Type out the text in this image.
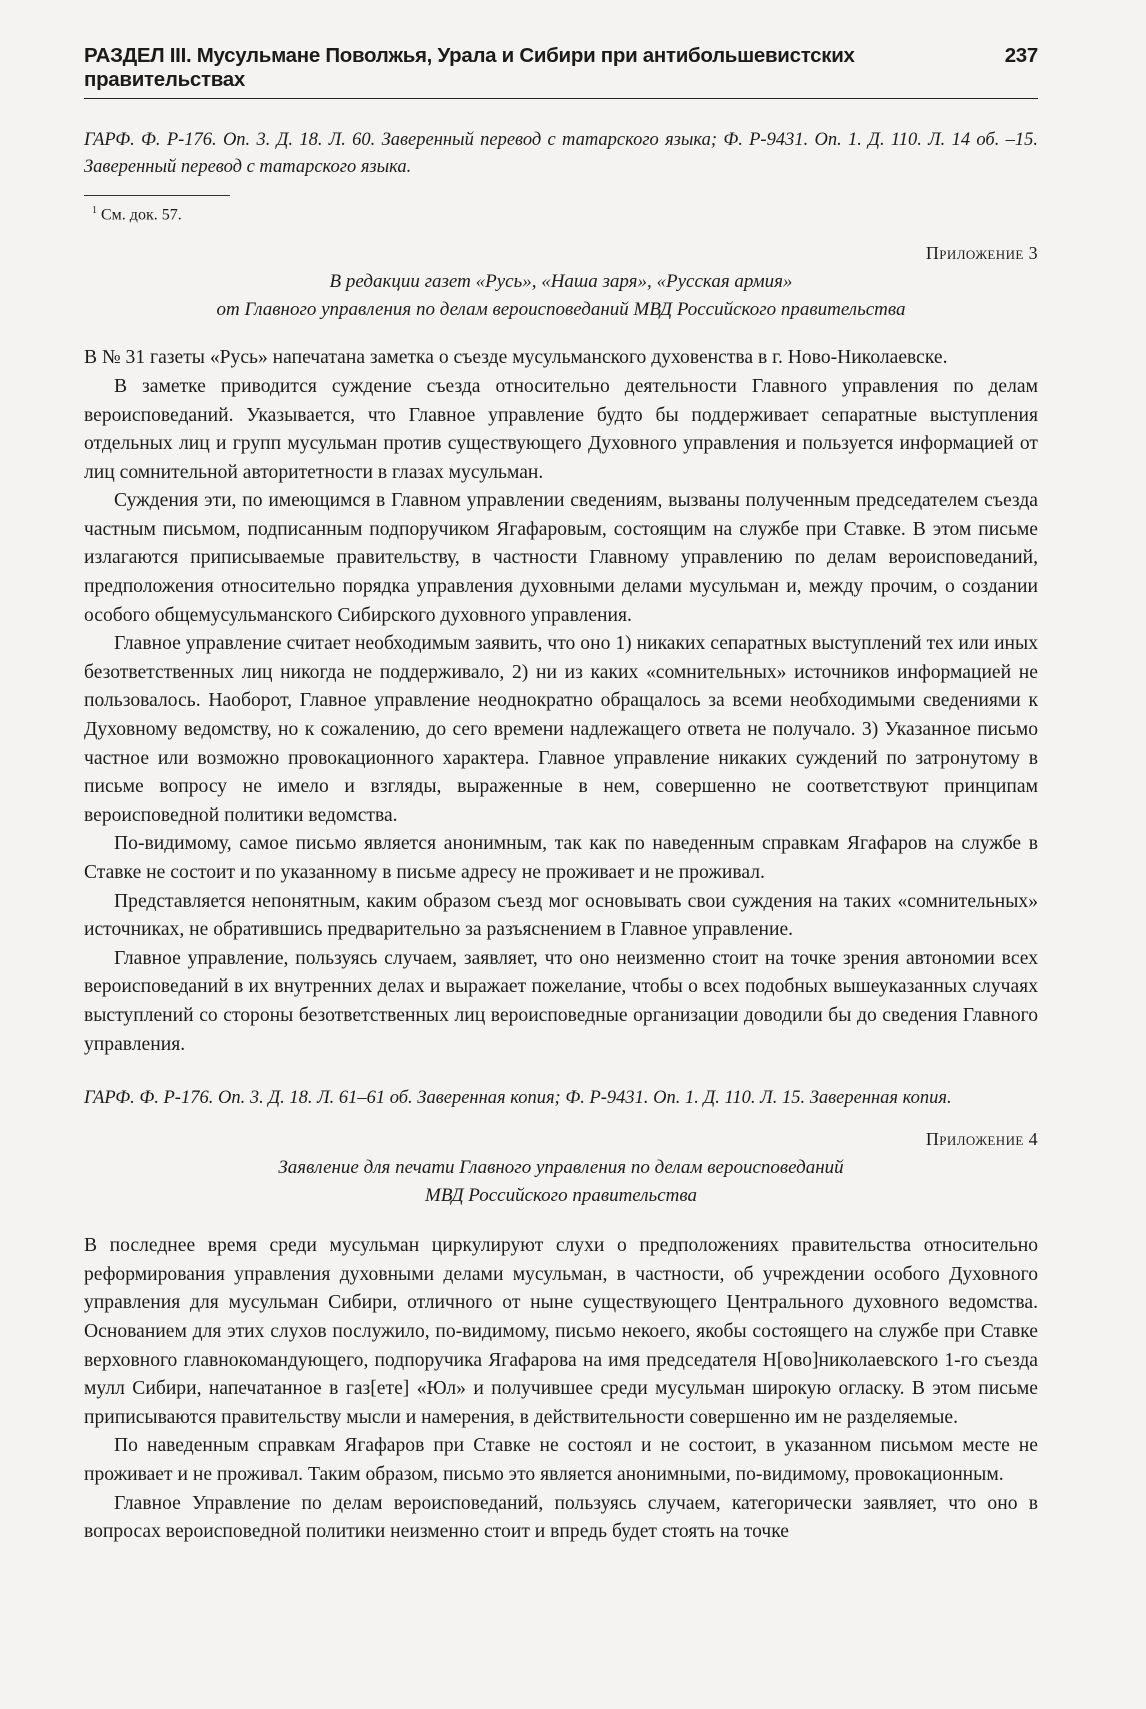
РАЗДЕЛ III. Мусульмане Поволжья, Урала и Сибири при антибольшевистских правительствах
237

ГАРФ. Ф. Р-176. Оп. 3. Д. 18. Л. 60. Заверенный перевод с татарского языка; Ф. Р-9431. Оп. 1. Д. 110. Л. 14 об. –15. Заверенный перевод с татарского языка.

$^1$ См. док. 57.
Приложение 3
В редакции газет «Русь», «Наша заря», «Русская армия»
от Главного управления по делам вероисповеданий МВД Российского правительства

В № 31 газеты «Русь» напечатана заметка о съезде мусульманского духовенства в г. Ново-Николаевске.

В заметке приводится суждение съезда относительно деятельности Главного управления по делам вероисповеданий. Указывается, что Главное управление будто бы поддерживает сепаратные выступления отдельных лиц и групп мусульман против существующего Духовного управления и пользуется информацией от лиц сомнительной авторитетности в глазах мусульман.

Суждения эти, по имеющимся в Главном управлении сведениям, вызваны полученным председателем съезда частным письмом, подписанным подпоручиком Ягафаровым, состоящим на службе при Ставке. В этом письме излагаются приписываемые правительству, в частности Главному управлению по делам вероисповеданий, предположения относительно порядка управления духовными делами мусульман и, между прочим, о создании особого общемусульманского Сибирского духовного управления.

Главное управление считает необходимым заявить, что оно 1) никаких сепаратных выступлений тех или иных безответственных лиц никогда не поддерживало, 2) ни из каких «сомнительных» источников информацией не пользовалось. Наоборот, Главное управление неоднократно обращалось за всеми необходимыми сведениями к Духовному ведомству, но к сожалению, до сего времени надлежащего ответа не получало. 3) Указанное письмо частное или возможно провокационного характера. Главное управление никаких суждений по затронутому в письме вопросу не имело и взгляды, выраженные в нем, совершенно не соответствуют принципам вероисповедной политики ведомства.

По-видимому, самое письмо является анонимным, так как по наведенным справкам Ягафаров на службе в Ставке не состоит и по указанному в письме адресу не проживает и не проживал.

Представляется непонятным, каким образом съезд мог основывать свои суждения на таких «сомнительных» источниках, не обратившись предварительно за разъяснением в Главное управление.

Главное управление, пользуясь случаем, заявляет, что оно неизменно стоит на точке зрения автономии всех вероисповеданий в их внутренних делах и выражает пожелание, чтобы о всех подобных вышеуказанных случаях выступлений со стороны безответственных лиц вероисповедные организации доводили бы до сведения Главного управления.

ГАРФ. Ф. Р-176. Оп. 3. Д. 18. Л. 61–61 об. Заверенная копия; Ф. Р-9431. Оп. 1. Д. 110. Л. 15. Заверенная копия.

Приложение 4
Заявление для печати Главного управления по делам вероисповеданий
МВД Российского правительства

В последнее время среди мусульман циркулируют слухи о предположениях правительства относительно реформирования управления духовными делами мусульман, в частности, об учреждении особого Духовного управления для мусульман Сибири, отличного от ныне существующего Центрального духовного ведомства. Основанием для этих слухов послужило, по-видимому, письмо некоего, якобы состоящего на службе при Ставке верховного главнокомандующего, подпоручика Ягафарова на имя председателя Н[ово]николаевского 1-го съезда мулл Сибири, напечатанное в газ[ете] «Юл» и получившее среди мусульман широкую огласку. В этом письме приписываются правительству мысли и намерения, в действительности совершенно им не разделяемые.

По наведенным справкам Ягафаров при Ставке не состоял и не состоит, в указанном письмом месте не проживает и не проживал. Таким образом, письмо это является анонимными, по-видимому, провокационным.

Главное Управление по делам вероисповеданий, пользуясь случаем, категорически заявляет, что оно в вопросах вероисповедной политики неизменно стоит и впредь будет стоять на точке
